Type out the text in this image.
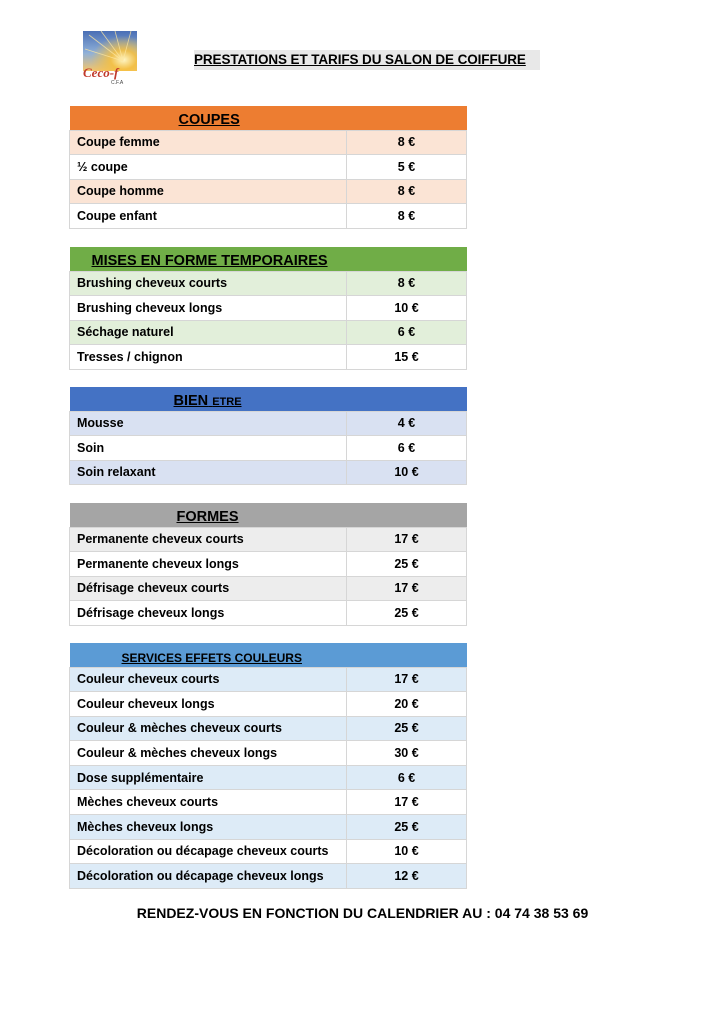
Ceco-f
C.F.A
PRESTATIONS ET TARIFS DU SALON DE COIFFURE
COUPES	
Coupe femme	8 €
½ coupe	5 €
Coupe homme	8 €
Coupe enfant	8 €
MISES EN FORME TEMPORAIRES	
Brushing cheveux courts	8 €
Brushing cheveux longs	10 €
Séchage naturel	6 €
Tresses / chignon	15 €
BIEN ETRE	
Mousse	4 €
Soin	6 €
Soin relaxant	10 €
FORMES	
Permanente cheveux courts	17 €
Permanente cheveux longs	25 €
Défrisage cheveux courts	17 €
Défrisage cheveux longs	25 €
SERVICES EFFETS COULEURS	
Couleur cheveux courts	17 €
Couleur cheveux longs	20 €
Couleur & mèches cheveux courts	25 €
Couleur & mèches cheveux longs	30 €
Dose supplémentaire	6 €
Mèches cheveux courts	17 €
Mèches cheveux longs	25 €
Décoloration ou décapage cheveux courts	10 €
Décoloration ou décapage cheveux longs	12 €
RENDEZ-VOUS EN FONCTION DU CALENDRIER AU : 04 74 38 53 69
